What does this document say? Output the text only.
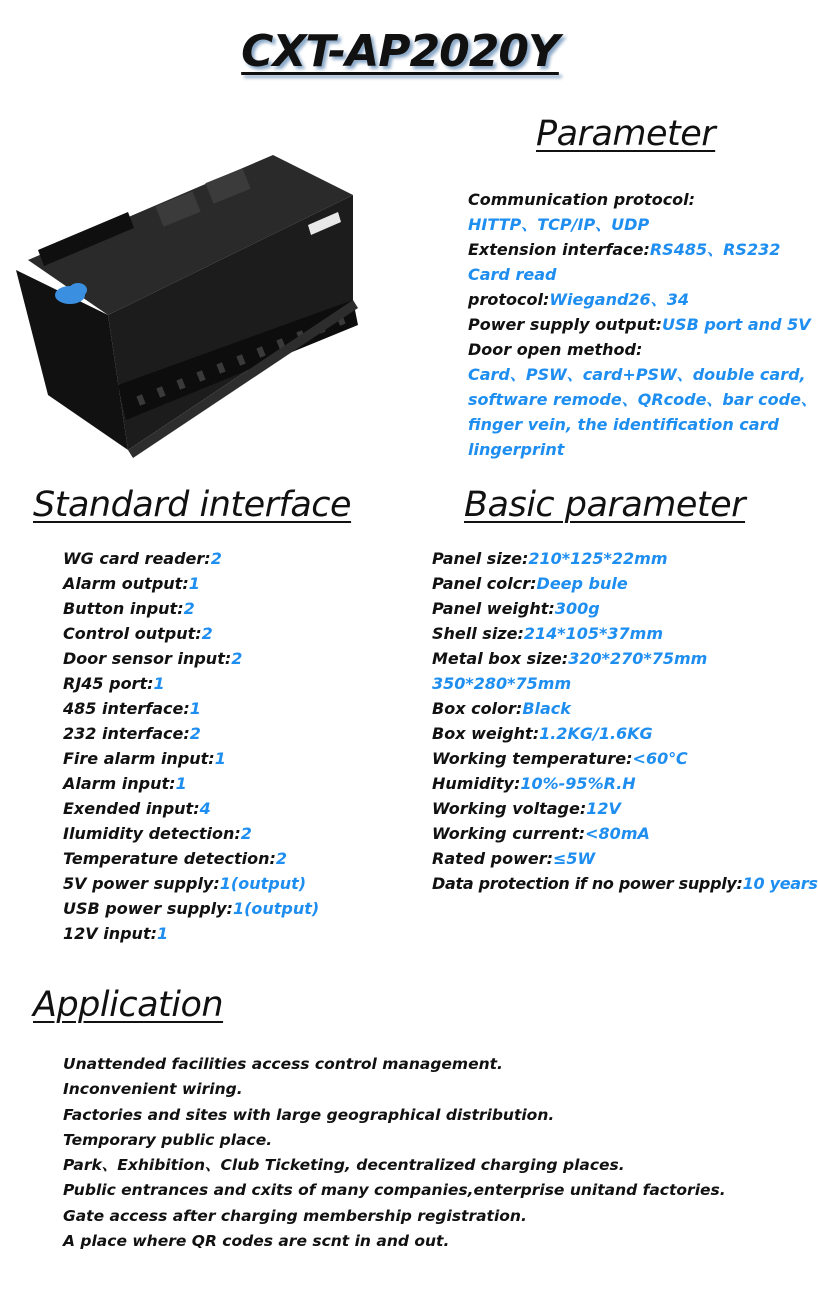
CXT-AP2020Y
Parameter
Communication protocol:
HITTP、TCP/IP、UDP
Extension interface:RS485、RS232
Card read
protocol:Wiegand26、34
Power supply output:USB port and 5V
Door open method:
Card、PSW、card+PSW、double card,
software remode、QRcode、bar code、
finger vein, the identification card
lingerprint
Standard interface
WG card reader:2
Alarm output:1
Button input:2
Control output:2
Door sensor input:2
RJ45 port:1
485 interface:1
232 interface:2
Fire alarm input:1
Alarm input:1
Exended input:4
Ilumidity detection:2
Temperature detection:2
5V power supply:1(output)
USB power supply:1(output)
12V input:1
Basic parameter
Panel size:210*125*22mm
Panel colcr:Deep bule
Panel weight:300g
Shell size:214*105*37mm
Metal box size:320*270*75mm
350*280*75mm
Box color:Black
Box weight:1.2KG/1.6KG
Working temperature:<60℃
Humidity:10%-95%R.H
Working voltage:12V
Working current:<80mA
Rated power:≤5W
Data protection if no power supply:10 years
Application
Unattended facilities access control management.
Inconvenient wiring.
Factories and sites with large geographical distribution.
Temporary public place.
Park、Exhibition、Club Ticketing, decentralized charging places.
Public entrances and cxits of many companies,enterprise unitand factories.
Gate access after charging membership registration.
A place where QR codes are scnt in and out.
